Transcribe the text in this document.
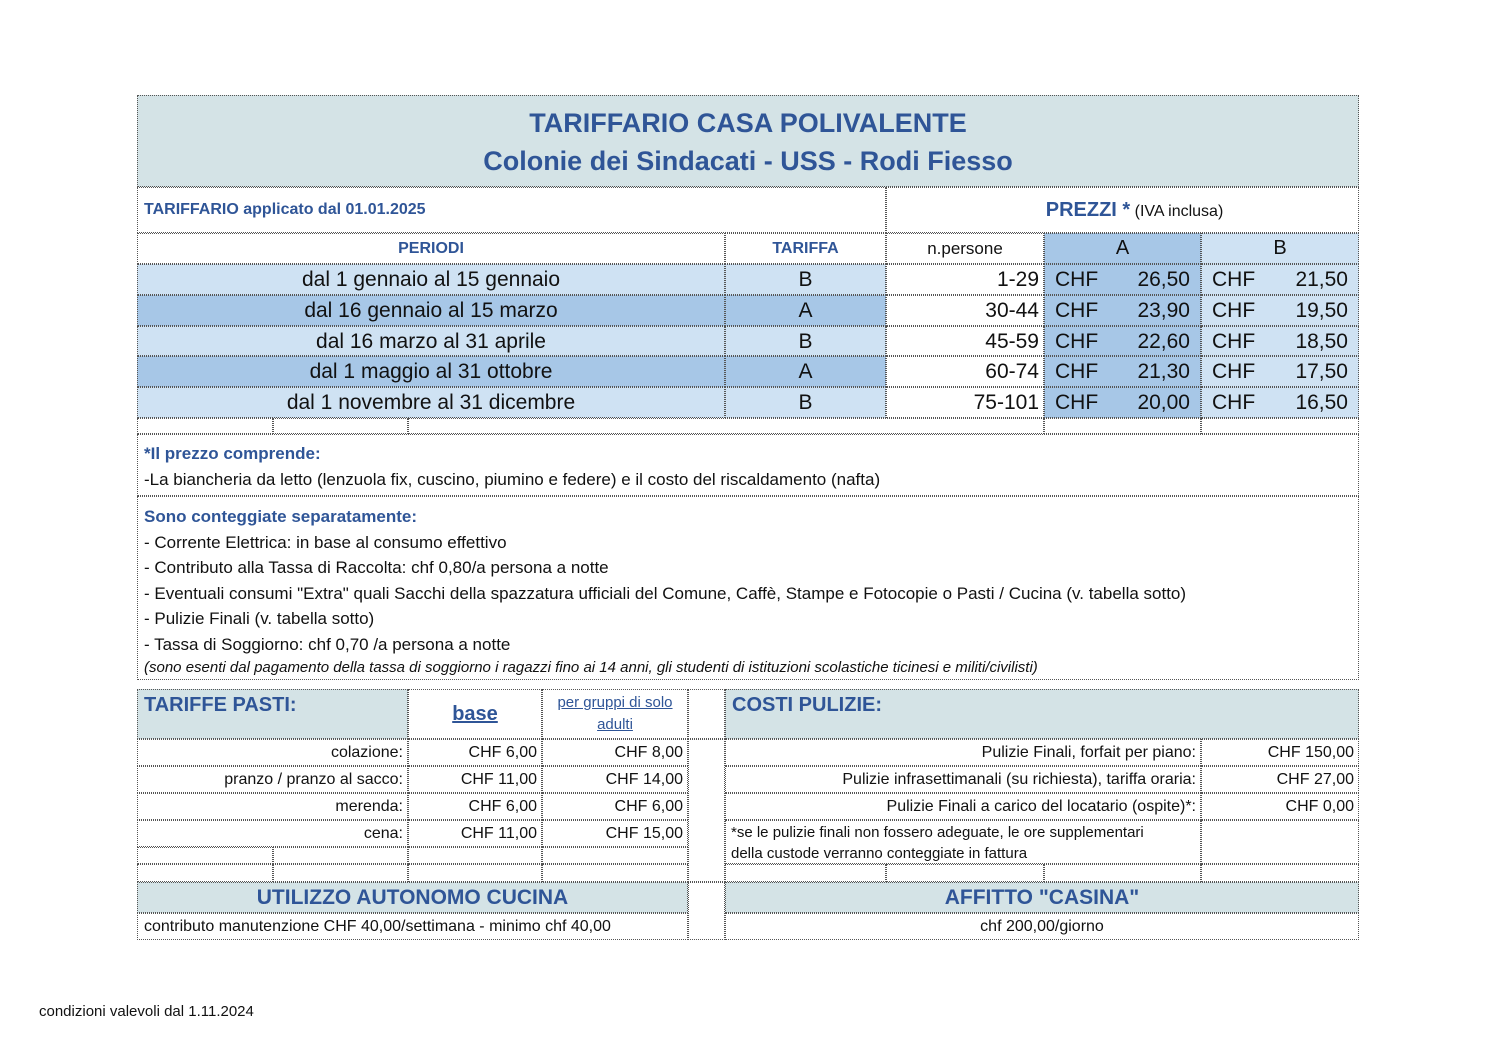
TARIFFARIO CASA POLIVALENTE
Colonie dei Sindacati - USS - Rodi Fiesso
TARIFFARIO applicato dal 01.01.2025	PREZZI * (IVA inclusa)
PERIODI	TARIFFA	n.persone	A	B
dal 1 gennaio al 15 gennaio	B	1-29 CHF 26,50 CHF 21,50
dal 16 gennaio al 15 marzo	A	30-44 CHF 23,90 CHF 19,50
dal 16 marzo al 31 aprile	B	45-59 CHF 22,60 CHF 18,50
dal 1 maggio al 31 ottobre	A	60-74 CHF 21,30 CHF 17,50
dal 1 novembre al 31 dicembre	B	75-101 CHF 20,00 CHF 16,50
*Il prezzo comprende:
-La biancheria da letto (lenzuola fix, cuscino, piumino e federe) e il costo del riscaldamento (nafta)
Sono conteggiate separatamente:
- Corrente Elettrica: in base al consumo effettivo
- Contributo alla Tassa di Raccolta: chf 0,80/a persona a notte
- Eventuali consumi "Extra" quali Sacchi della spazzatura ufficiali del Comune, Caffè, Stampe e Fotocopie o Pasti / Cucina (v. tabella sotto)
- Pulizie Finali (v. tabella sotto)
- Tassa di Soggiorno: chf 0,70 /a persona a notte
(sono esenti dal pagamento della tassa di soggiorno i ragazzi fino ai 14 anni, gli studenti di istituzioni scolastiche ticinesi e militi/civilisti)
TARIFFE PASTI:	base
per gruppi di solo adulti
colazione:	CHF 6,00	CHF 8,00
pranzo / pranzo al sacco:	CHF 11,00	CHF 14,00
merenda:	CHF 6,00	CHF 6,00
cena:	CHF 11,00	CHF 15,00
COSTI PULIZIE:
Pulizie Finali, forfait per piano:	CHF 150,00
Pulizie infrasettimanali (su richiesta), tariffa oraria:	CHF 27,00
Pulizie Finali a carico del locatario (ospite)*:	CHF 0,00
*se le pulizie finali non fossero adeguate, le ore supplementari
della custode verranno conteggiate in fattura
UTILIZZO AUTONOMO CUCINA	AFFITTO "CASINA"
contributo manutenzione CHF 40,00/settimana - minimo chf 40,00	chf 200,00/giorno
condizioni valevoli dal 1.11.2024
